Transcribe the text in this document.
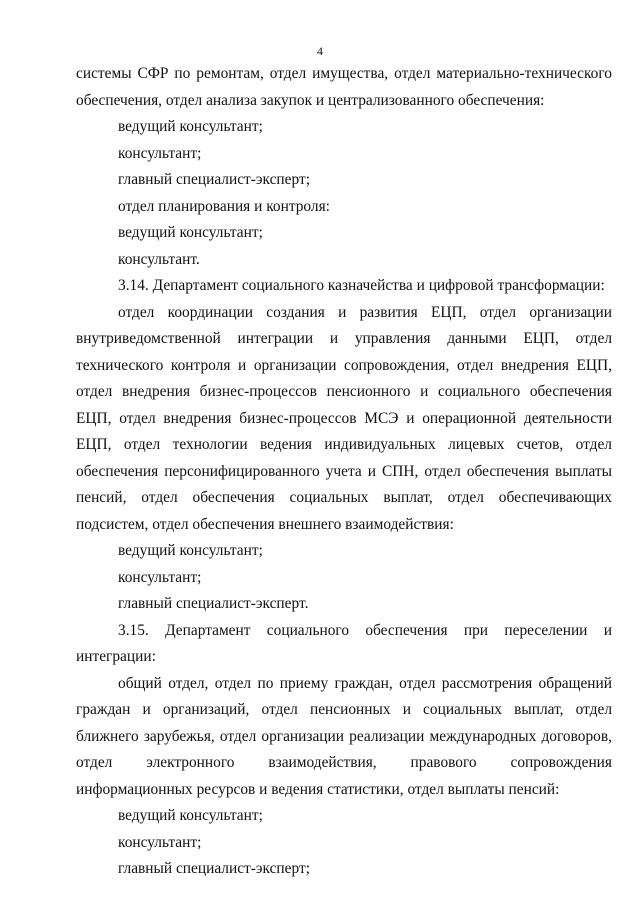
4

системы СФР по ремонтам, отдел имущества, отдел материально-технического обеспечения, отдел анализа закупок и централизованного обеспечения:

ведущий консультант;

консультант;

главный специалист-эксперт;

отдел планирования и контроля:

ведущий консультант;

консультант.

3.14. Департамент социального казначейства и цифровой трансформации:

отдел координации создания и развития ЕЦП, отдел организации внутриведомственной интеграции и управления данными ЕЦП, отдел технического контроля и организации сопровождения, отдел внедрения ЕЦП, отдел внедрения бизнес-процессов пенсионного и социального обеспечения ЕЦП, отдел внедрения бизнес-процессов МСЭ и операционной деятельности ЕЦП, отдел технологии ведения индивидуальных лицевых счетов, отдел обеспечения персонифицированного учета и СПН, отдел обеспечения выплаты пенсий, отдел обеспечения социальных выплат, отдел обеспечивающих подсистем, отдел обеспечения внешнего взаимодействия:

ведущий консультант;

консультант;

главный специалист-эксперт.

3.15. Департамент социального обеспечения при переселении и интеграции:

общий отдел, отдел по приему граждан, отдел рассмотрения обращений граждан и организаций, отдел пенсионных и социальных выплат, отдел ближнего зарубежья, отдел организации реализации международных договоров, отдел электронного взаимодействия, правового сопровождения информационных ресурсов и ведения статистики, отдел выплаты пенсий:

ведущий консультант;

консультант;

главный специалист-эксперт;
